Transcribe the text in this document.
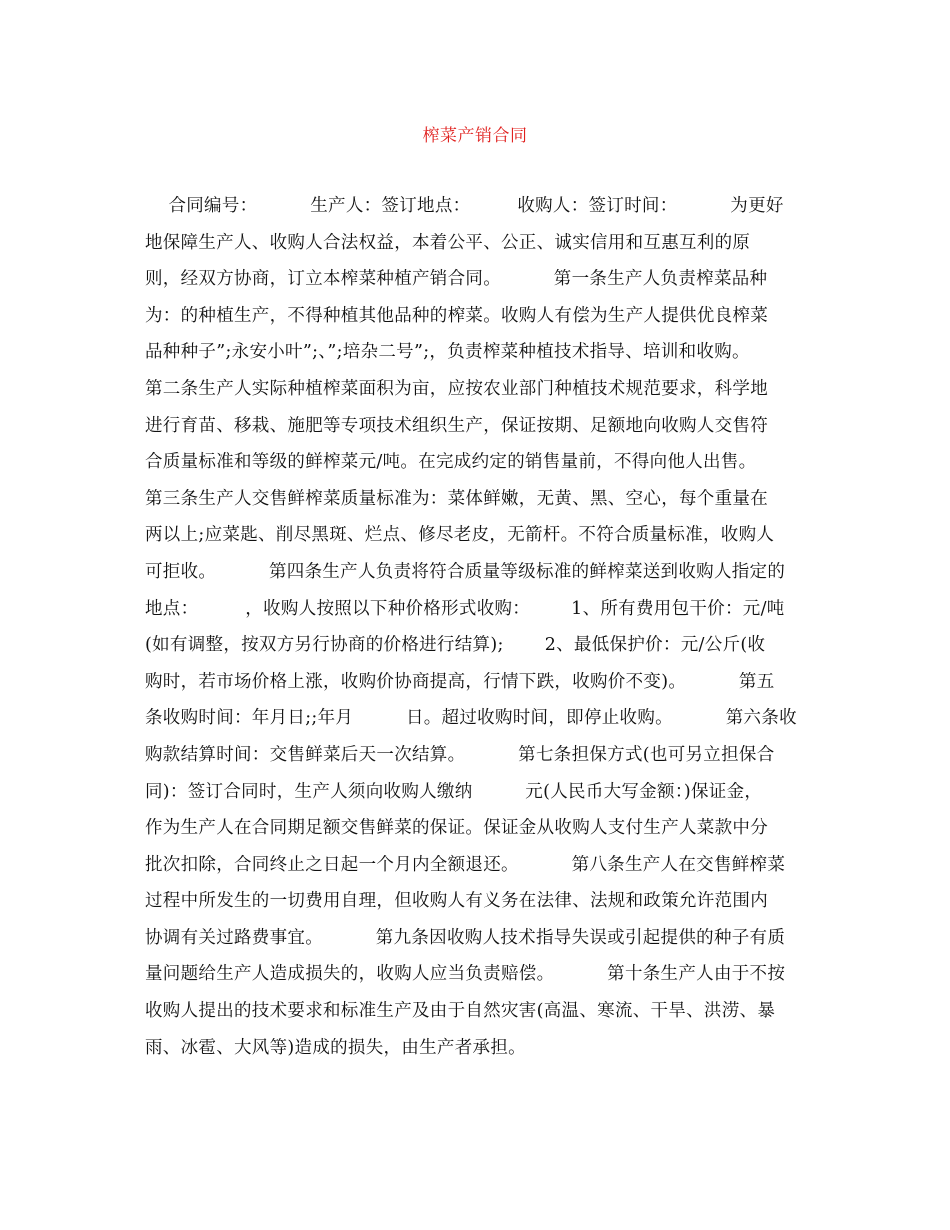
榨菜产销合同
合同编号：         生产人：签订地点：        收购人：签订时间：         为更好
地保障生产人、收购人合法权益，本着公平、公正、诚实信用和互惠互利的原
则，经双方协商，订立本榨菜种植产销合同。         第一条生产人负责榨菜品种
为：的种植生产，不得种植其他品种的榨菜。收购人有偿为生产人提供优良榨菜
品种种子”;永安小叶”;、”;培杂二号”;，负责榨菜种植技术指导、培训和收购。
第二条生产人实际种植榨菜面积为亩，应按农业部门种植技术规范要求，科学地
进行育苗、移栽、施肥等专项技术组织生产，保证按期、足额地向收购人交售符
合质量标准和等级的鲜榨菜元/吨。在完成约定的销售量前，不得向他人出售。
第三条生产人交售鲜榨菜质量标准为：菜体鲜嫩，无黄、黑、空心，每个重量在
两以上;应菜匙、削尽黑斑、烂点、修尽老皮，无箭杆。不符合质量标准，收购人
可拒收。         第四条生产人负责将符合质量等级标准的鲜榨菜送到收购人指定的
地点：        ，收购人按照以下种价格形式收购：       1、所有费用包干价：元/吨
(如有调整，按双方另行协商的价格进行结算);       2、最低保护价：元/公斤(收
购时，若市场价格上涨，收购价协商提高，行情下跌，收购价不变)。         第五
条收购时间：年月日;;年月         日。超过收购时间，即停止收购。         第六条收
购款结算时间：交售鲜菜后天一次结算。         第七条担保方式(也可另立担保合
同)：签订合同时，生产人须向收购人缴纳         元(人民币大写金额：)保证金，
作为生产人在合同期足额交售鲜菜的保证。保证金从收购人支付生产人菜款中分
批次扣除，合同终止之日起一个月内全额退还。         第八条生产人在交售鲜榨菜
过程中所发生的一切费用自理，但收购人有义务在法律、法规和政策允许范围内
协调有关过路费事宜。         第九条因收购人技术指导失误或引起提供的种子有质
量问题给生产人造成损失的，收购人应当负责赔偿。         第十条生产人由于不按
收购人提出的技术要求和标准生产及由于自然灾害(高温、寒流、干旱、洪涝、暴
雨、冰雹、大风等)造成的损失，由生产者承担。
